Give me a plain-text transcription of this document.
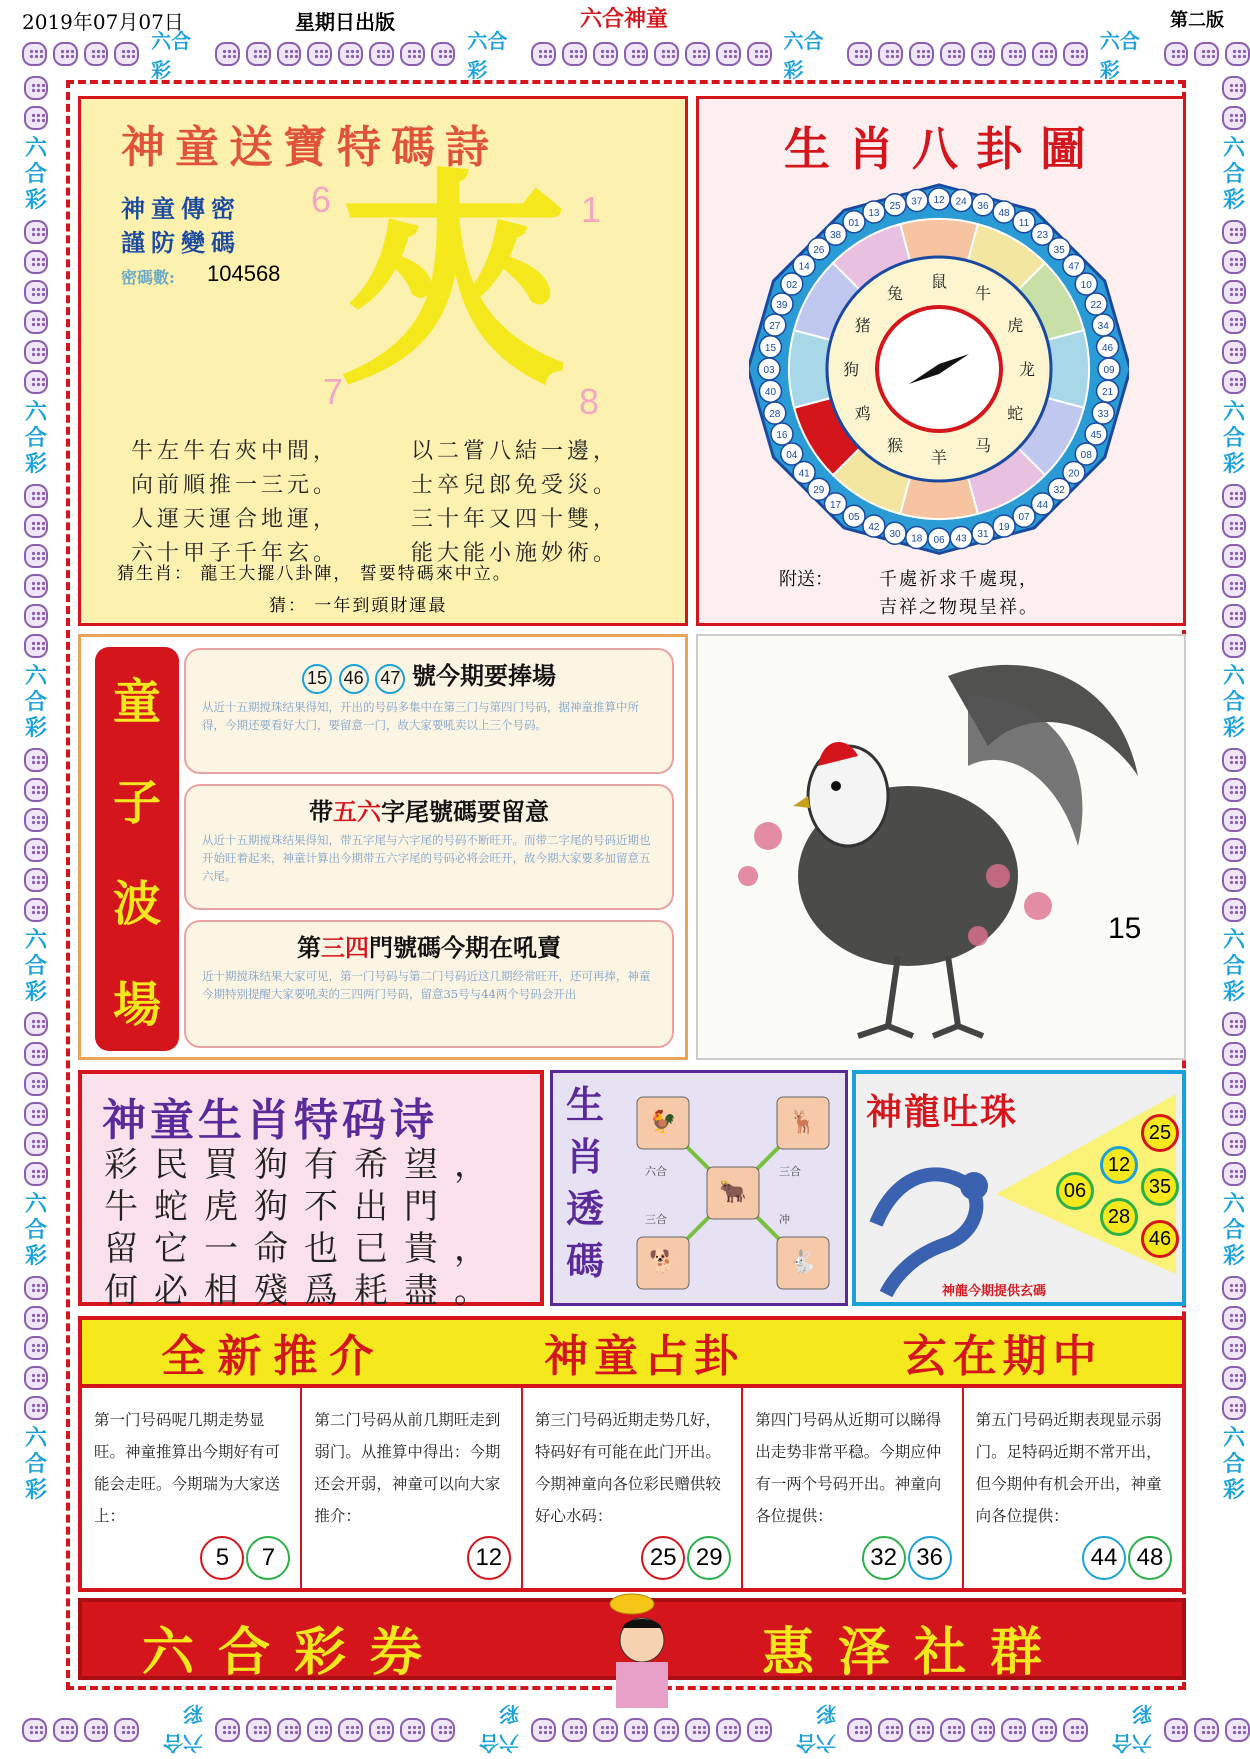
2019年07月07日	星期日出版	六合神童	第二版
六合彩
六合彩
六合彩
六合彩
六合彩
六合彩
六合彩
六合彩
六合彩
六合彩
六合彩
六合彩
六合彩
六合彩
六合彩
六合彩
六合彩
六合彩
六合彩
六合彩
神童送寶特碼詩
神童傳密
謹防變碼
密碼數: 104568
6	1
7	8
夾
牛左牛右夾中間，
向前順推一三元。
人運天運合地運，
六十甲子千年玄。
以二嘗八結一邊，
士卒兒郎免受災。
三十年又四十雙，
能大能小施妙術。
猜生肖： 龍王大擺八卦陣， 誓要特碼來中立。
猜： 一年到頭財運最
生肖八卦圖
鼠
牛
虎
龙
蛇
马
羊
猴
鸡
狗
猪
兔
12 24 36
48
11
23
35
47
10
22
34
46
09
21
33
45
08
20
32
44
07
19
31
43
06
18
30
42
05
17
29
41
04
16
28
40
03
15
27
39
02
14
26
38
01
13
25 37
附送：	千處祈求千處現，
吉祥之物現呈祥。
童
子
波
場
15 46 47 號今期要捧場
从近十五期搅珠结果得知，开出的号码多集中在第三门与第四门号码，据神童推算中所得，今期还要看好大门，要留意一门，故大家要吼卖以上三个号码。
带五六字尾號碼要留意
从近十五期搅珠结果得知，带五字尾与六字尾的号码不断旺开。而带二字尾的号码近期也开始旺着起来，神童计算出今期带五六字尾的号码必将会旺开，故今期大家要多加留意五六尾。
第三四門號碼今期在吼賣
近十期搅珠结果大家可见，第一门号码与第二门号码近这几期经常旺开，还可再捧，神童今期特别提醒大家要吼卖的三四两门号码，留意35号与44两个号码会开出
15
神童生肖特码诗
彩民買狗有希望，
牛蛇虎狗不出門
留它一命也已貴，
何必相殘爲耗盡。
生
肖
透
碼
🐓	🦌
🐂
🐕	🐇
六合	三合
三合	冲
神龍吐珠	25
12
35
06
28
46
神龍今期提供玄碼
全新推介	神童占卦	玄在期中
第一门号码呢几期走势显旺。神童推算出今期好有可能会走旺。今期瑞为大家送上：
5	7
第二门号码从前几期旺走到弱门。从推算中得出：今期还会开弱，神童可以向大家推介：
12
第三门号码近期走势几好，特码好有可能在此门开出。今期神童向各位彩民赠供较好心水码：
25 29
第四门号码从近期可以睇得出走势非常平稳。今期应仲有一两个号码开出。神童向各位提供：
32 36
第五门号码近期表现显示弱门。足特码近期不常开出，但今期仲有机会开出，神童向各位提供：
44 48
六合彩券	惠泽社群
